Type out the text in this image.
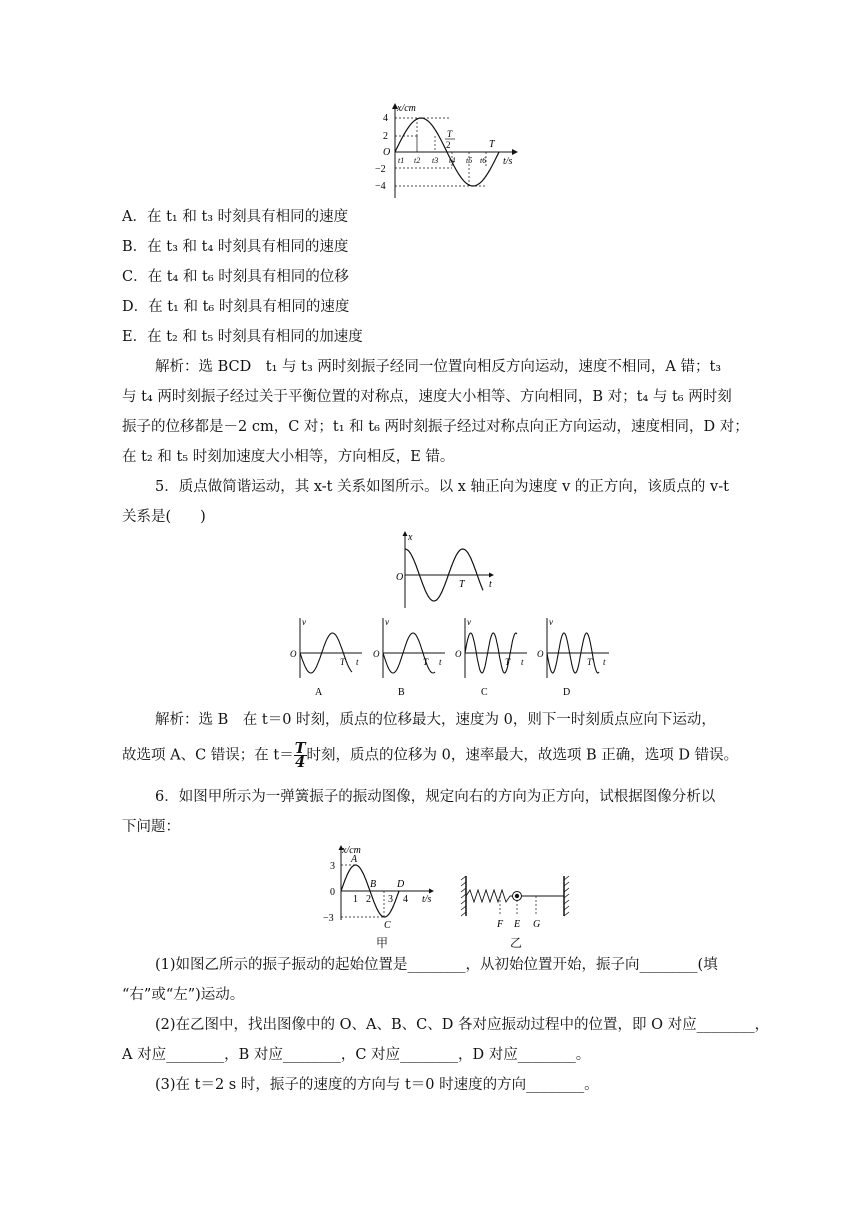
x/cm
t/s
4
2
O
−2
−4
t1 t2 t3 t4 t5 t6
T
2	T
A．在 t₁ 和 t₃ 时刻具有相同的速度
B．在 t₃ 和 t₄ 时刻具有相同的速度
C．在 t₄ 和 t₆ 时刻具有相同的位移
D．在 t₁ 和 t₆ 时刻具有相同的速度
E．在 t₂ 和 t₅ 时刻具有相同的加速度
解析：选 BCD　t₁ 与 t₃ 两时刻振子经同一位置向相反方向运动，速度不相同，A 错；t₃
与 t₄ 两时刻振子经过关于平衡位置的对称点，速度大小相等、方向相同，B 对；t₄ 与 t₆ 两时刻
振子的位移都是－2 cm，C 对；t₁ 和 t₆ 两时刻振子经过对称点向正方向运动，速度相同，D 对；
在 t₂ 和 t₅ 时刻加速度大小相等，方向相反，E 错。
5．质点做简谐运动，其 x-t 关系如图所示。以 x 轴正向为速度 v 的正方向，该质点的 v-t
关系是(　　)
x
O
T t
v
O
T t
v
O
T t
v
O
T t
v
O
T t
A	B	C	D
解析：选 B　在 t＝0 时刻，质点的位移最大，速度为 0，则下一时刻质点应向下运动，
故选项 A、C 错误；在 $t= \frac{T}{4}$ 时刻，质点的位移为 0，速率最大，故选项 B 正确，选项 D 错误。
6．如图甲所示为一弹簧振子的振动图像，规定向右的方向为正方向，试根据图像分析以
下问题：
x/cm
t/s
3
0
−3
1 2 3 4
A
B
C
D
F E G
甲	乙
(1)如图乙所示的振子振动的起始位置是________，从初始位置开始，振子向________(填
“右”或“左”)运动。
(2)在乙图中，找出图像中的 O、A、B、C、D 各对应振动过程中的位置，即 O 对应________，
A 对应________，B 对应________，C 对应________，D 对应________。
(3)在 t＝2 s 时，振子的速度的方向与 t＝0 时速度的方向________。
